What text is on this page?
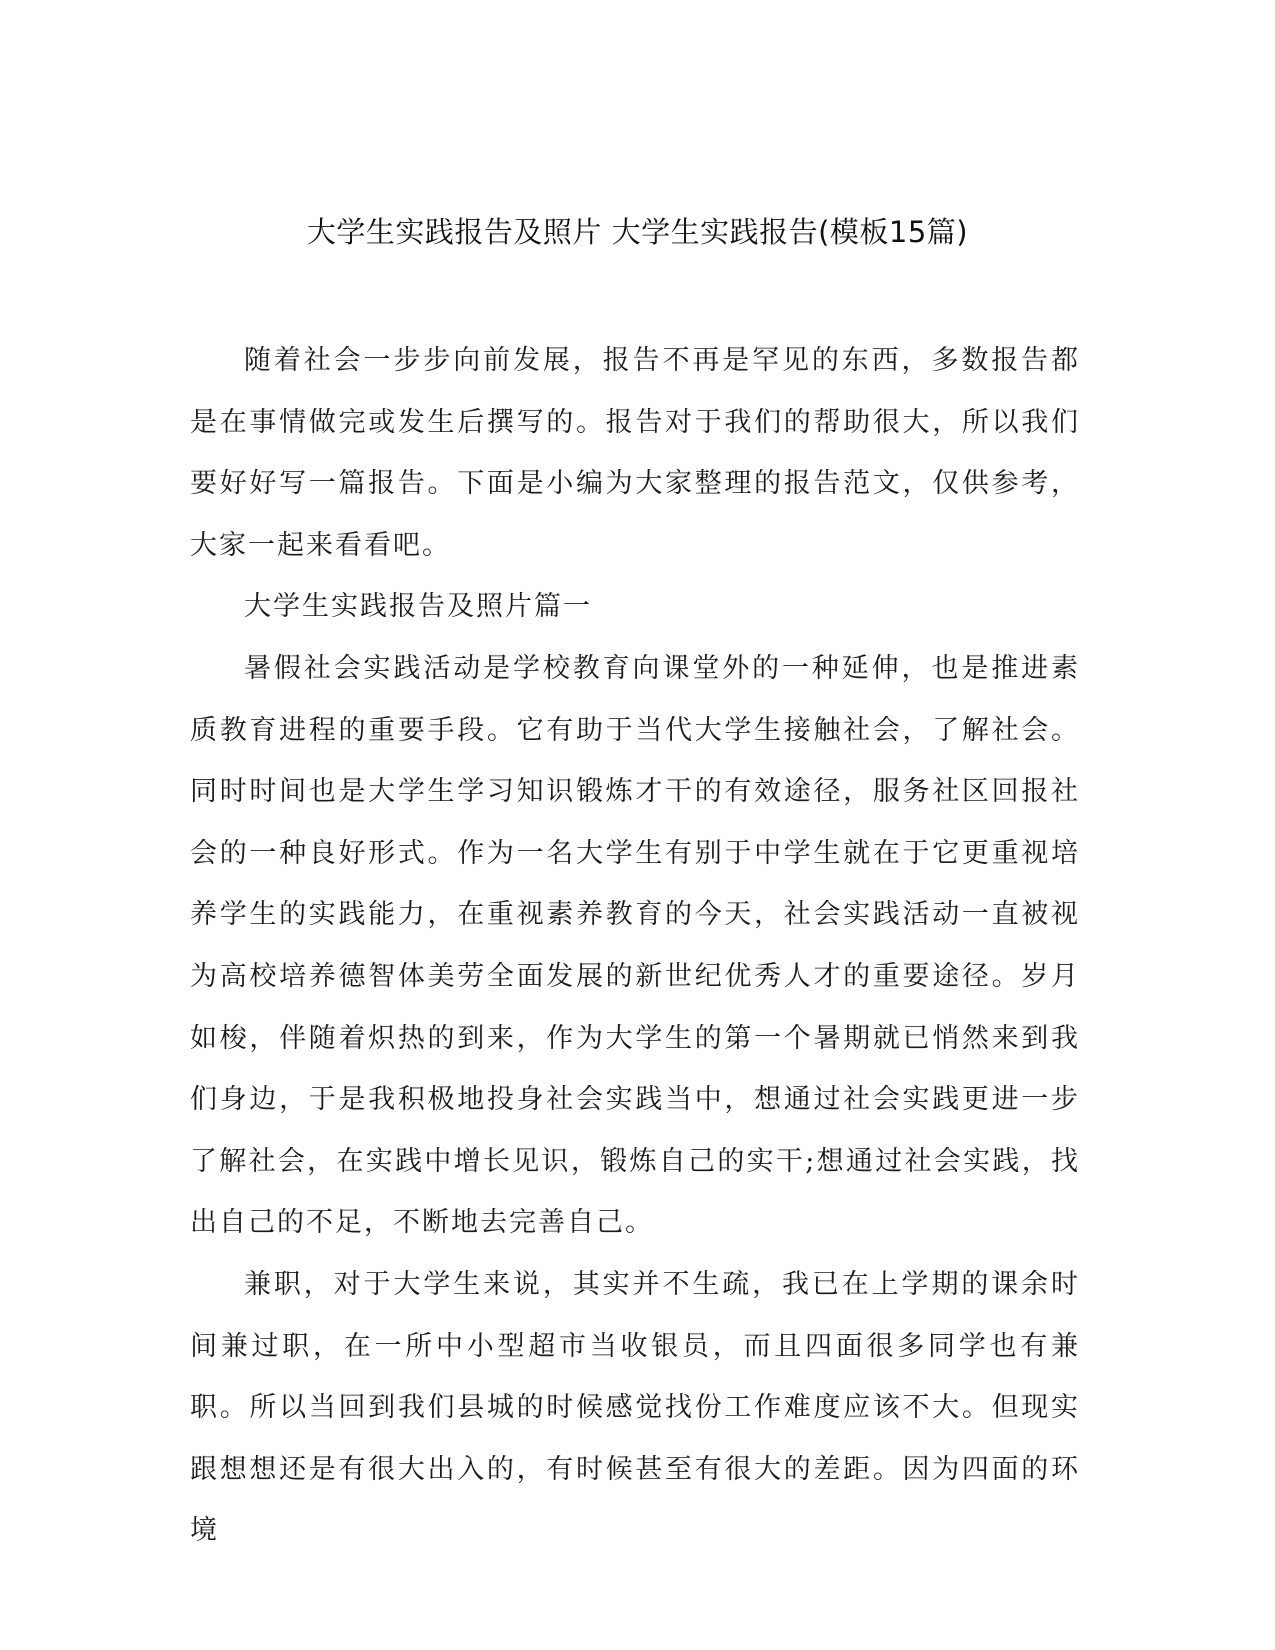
大学生实践报告及照片 大学生实践报告(模板15篇)

随着社会一步步向前发展，报告不再是罕见的东西，多数报告都是在事情做完或发生后撰写的。报告对于我们的帮助很大，所以我们要好好写一篇报告。下面是小编为大家整理的报告范文，仅供参考，大家一起来看看吧。

大学生实践报告及照片篇一

暑假社会实践活动是学校教育向课堂外的一种延伸，也是推进素质教育进程的重要手段。它有助于当代大学生接触社会，了解社会。同时时间也是大学生学习知识锻炼才干的有效途径，服务社区回报社会的一种良好形式。作为一名大学生有别于中学生就在于它更重视培养学生的实践能力，在重视素养教育的今天，社会实践活动一直被视为高校培养德智体美劳全面发展的新世纪优秀人才的重要途径。岁月如梭，伴随着炽热的到来，作为大学生的第一个暑期就已悄然来到我们身边，于是我积极地投身社会实践当中，想通过社会实践更进一步了解社会，在实践中增长见识，锻炼自己的实干;想通过社会实践，找出自己的不足，不断地去完善自己。

兼职，对于大学生来说，其实并不生疏，我已在上学期的课余时间兼过职，在一所中小型超市当收银员，而且四面很多同学也有兼职。所以当回到我们县城的时候感觉找份工作难度应该不大。但现实跟想想还是有很大出入的，有时候甚至有很大的差距。因为四面的环境
